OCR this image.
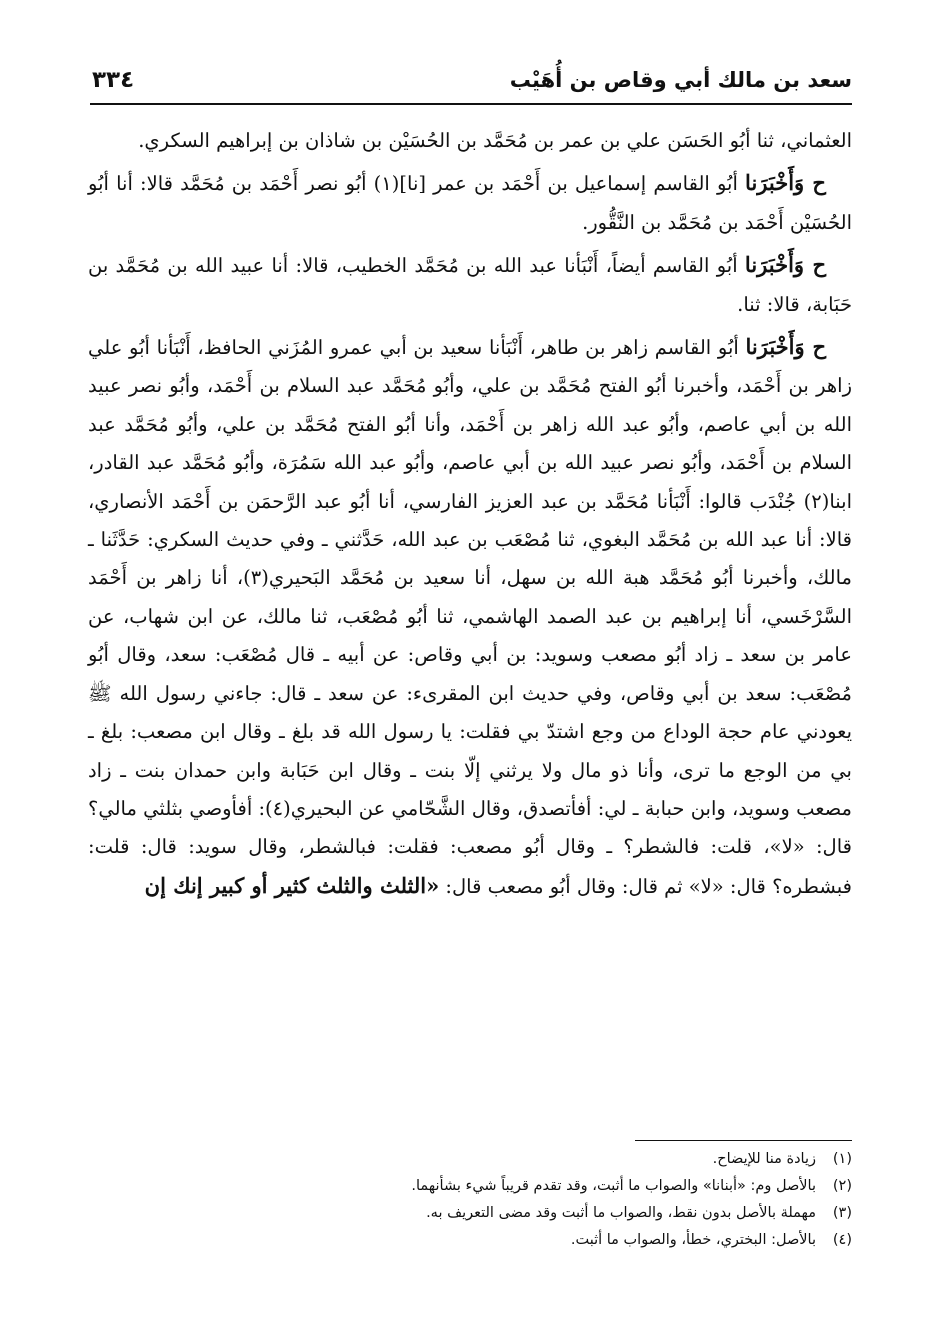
سعد بن مالك أبي وقاص بن أُهَيْب
٣٣٤

العثماني، ثنا أبُو الحَسَن علي بن عمر بن مُحَمَّد بن الحُسَيْن بن شاذان بن إبراهيم السكري.

ح وَأَخْبَرَنا أبُو القاسم إسماعيل بن أَحْمَد بن عمر [نا](١) أبُو نصر أَحْمَد بن مُحَمَّد قالا: أنا أبُو الحُسَيْن أَحْمَد بن مُحَمَّد بن النَّقُّور.

ح وَأَخْبَرَنا أبُو القاسم أيضاً، أَنْبَأنا عبد الله بن مُحَمَّد الخطيب، قالا: أنا عبيد الله بن مُحَمَّد بن حَبَابة، قالا: ثنا.

ح وَأَخْبَرَنا أبُو القاسم زاهر بن طاهر، أَنْبَأنا سعيد بن أبي عمرو المُزَني الحافظ، أَنْبَأنا أبُو علي زاهر بن أَحْمَد، وأخبرنا أبُو الفتح مُحَمَّد بن علي، وأبُو مُحَمَّد عبد السلام بن أَحْمَد، وأبُو نصر عبيد الله بن أبي عاصم، وأبُو عبد الله زاهر بن أَحْمَد، وأنا أبُو الفتح مُحَمَّد بن علي، وأبُو مُحَمَّد عبد السلام بن أَحْمَد، وأبُو نصر عبيد الله بن أبي عاصم، وأبُو عبد الله سَمُرَة، وأبُو مُحَمَّد عبد القادر، ابنا(٢) جُنْدَب قالوا: أَنْبَأنا مُحَمَّد بن عبد العزيز الفارسي، أنا أبُو عبد الرَّحمَن بن أَحْمَد الأنصاري، قالا: أنا عبد الله بن مُحَمَّد البغوي، ثنا مُصْعَب بن عبد الله، حَدَّثني ـ وفي حديث السكري: حَدَّثَنا ـ مالك، وأخبرنا أبُو مُحَمَّد هبة الله بن سهل، أنا سعيد بن مُحَمَّد البَحيري(٣)، أنا زاهر بن أَحْمَد السَّرْخَسي، أنا إبراهيم بن عبد الصمد الهاشمي، ثنا أبُو مُصْعَب، ثنا مالك، عن ابن شهاب، عن عامر بن سعد ـ زاد أبُو مصعب وسويد: بن أبي وقاص: عن أبيه ـ قال مُصْعَب: سعد، وقال أبُو مُصْعَب: سعد بن أبي وقاص، وفي حديث ابن المقرىء: عن سعد ـ قال: جاءني رسول الله ﷺ يعودني عام حجة الوداع من وجع اشتدّ بي فقلت: يا رسول الله قد بلغ ـ وقال ابن مصعب: بلغ ـ بي من الوجع ما ترى، وأنا ذو مال ولا يرثني إلّا بنت ـ وقال ابن حَبَابة وابن حمدان بنت ـ زاد مصعب وسويد، وابن حبابة ـ لي: أفأتصدق، وقال الشَّحّامي عن البحيري(٤): أفأوصي بثلثي مالي؟ قال: «لا»، قلت: فالشطر؟ ـ وقال أبُو مصعب: فقلت: فبالشطر، وقال سويد: قال: قلت: فبشطره؟ قال: «لا» ثم قال: وقال أبُو مصعب قال: «الثلث والثلث كثير أو كبير إنك إن

(١)
زيادة منا للإيضاح.
(٢)
بالأصل وم: «أبنانا» والصواب ما أثبت، وقد تقدم قريباً شيء بشأنهما.
(٣)
مهملة بالأصل بدون نقط، والصواب ما أثبت وقد مضى التعريف به.
(٤)
بالأصل: البختري، خطأ، والصواب ما أثبت.
